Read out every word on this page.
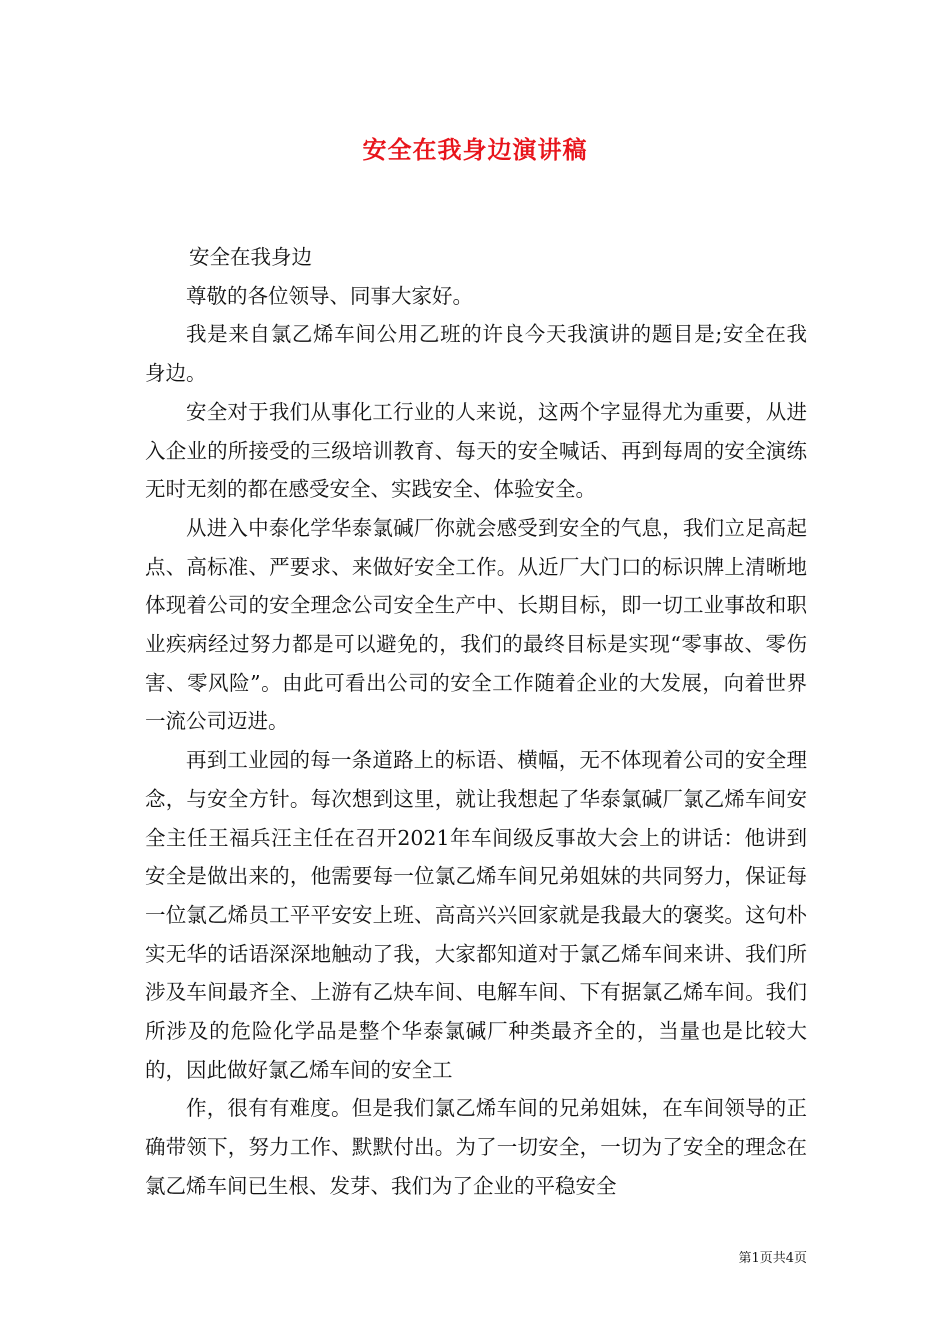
安全在我身边演讲稿

安全在我身边

尊敬的各位领导、同事大家好。

我是来自氯乙烯车间公用乙班的许良今天我演讲的题目是;安全在我身边。

安全对于我们从事化工行业的人来说，这两个字显得尤为重要，从进入企业的所接受的三级培训教育、每天的安全喊话、再到每周的安全演练无时无刻的都在感受安全、实践安全、体验安全。

从进入中泰化学华泰氯碱厂你就会感受到安全的气息，我们立足高起点、高标准、严要求、来做好安全工作。从近厂大门口的标识牌上清晰地体现着公司的安全理念公司安全生产中、长期目标，即一切工业事故和职业疾病经过努力都是可以避免的，我们的最终目标是实现“零事故、零伤害、零风险”。由此可看出公司的安全工作随着企业的大发展，向着世界一流公司迈进。

再到工业园的每一条道路上的标语、横幅，无不体现着公司的安全理念，与安全方针。每次想到这里，就让我想起了华泰氯碱厂氯乙烯车间安全主任王福兵汪主任在召开2021年车间级反事故大会上的讲话：他讲到安全是做出来的，他需要每一位氯乙烯车间兄弟姐妹的共同努力，保证每一位氯乙烯员工平平安安上班、高高兴兴回家就是我最大的褒奖。这句朴实无华的话语深深地触动了我，大家都知道对于氯乙烯车间来讲、我们所涉及车间最齐全、上游有乙炔车间、电解车间、下有据氯乙烯车间。我们所涉及的危险化学品是整个华泰氯碱厂种类最齐全的，当量也是比较大的，因此做好氯乙烯车间的安全工

作，很有有难度。但是我们氯乙烯车间的兄弟姐妹，在车间领导的正确带领下，努力工作、默默付出。为了一切安全，一切为了安全的理念在氯乙烯车间已生根、发芽、我们为了企业的平稳安全

第1页共4页
